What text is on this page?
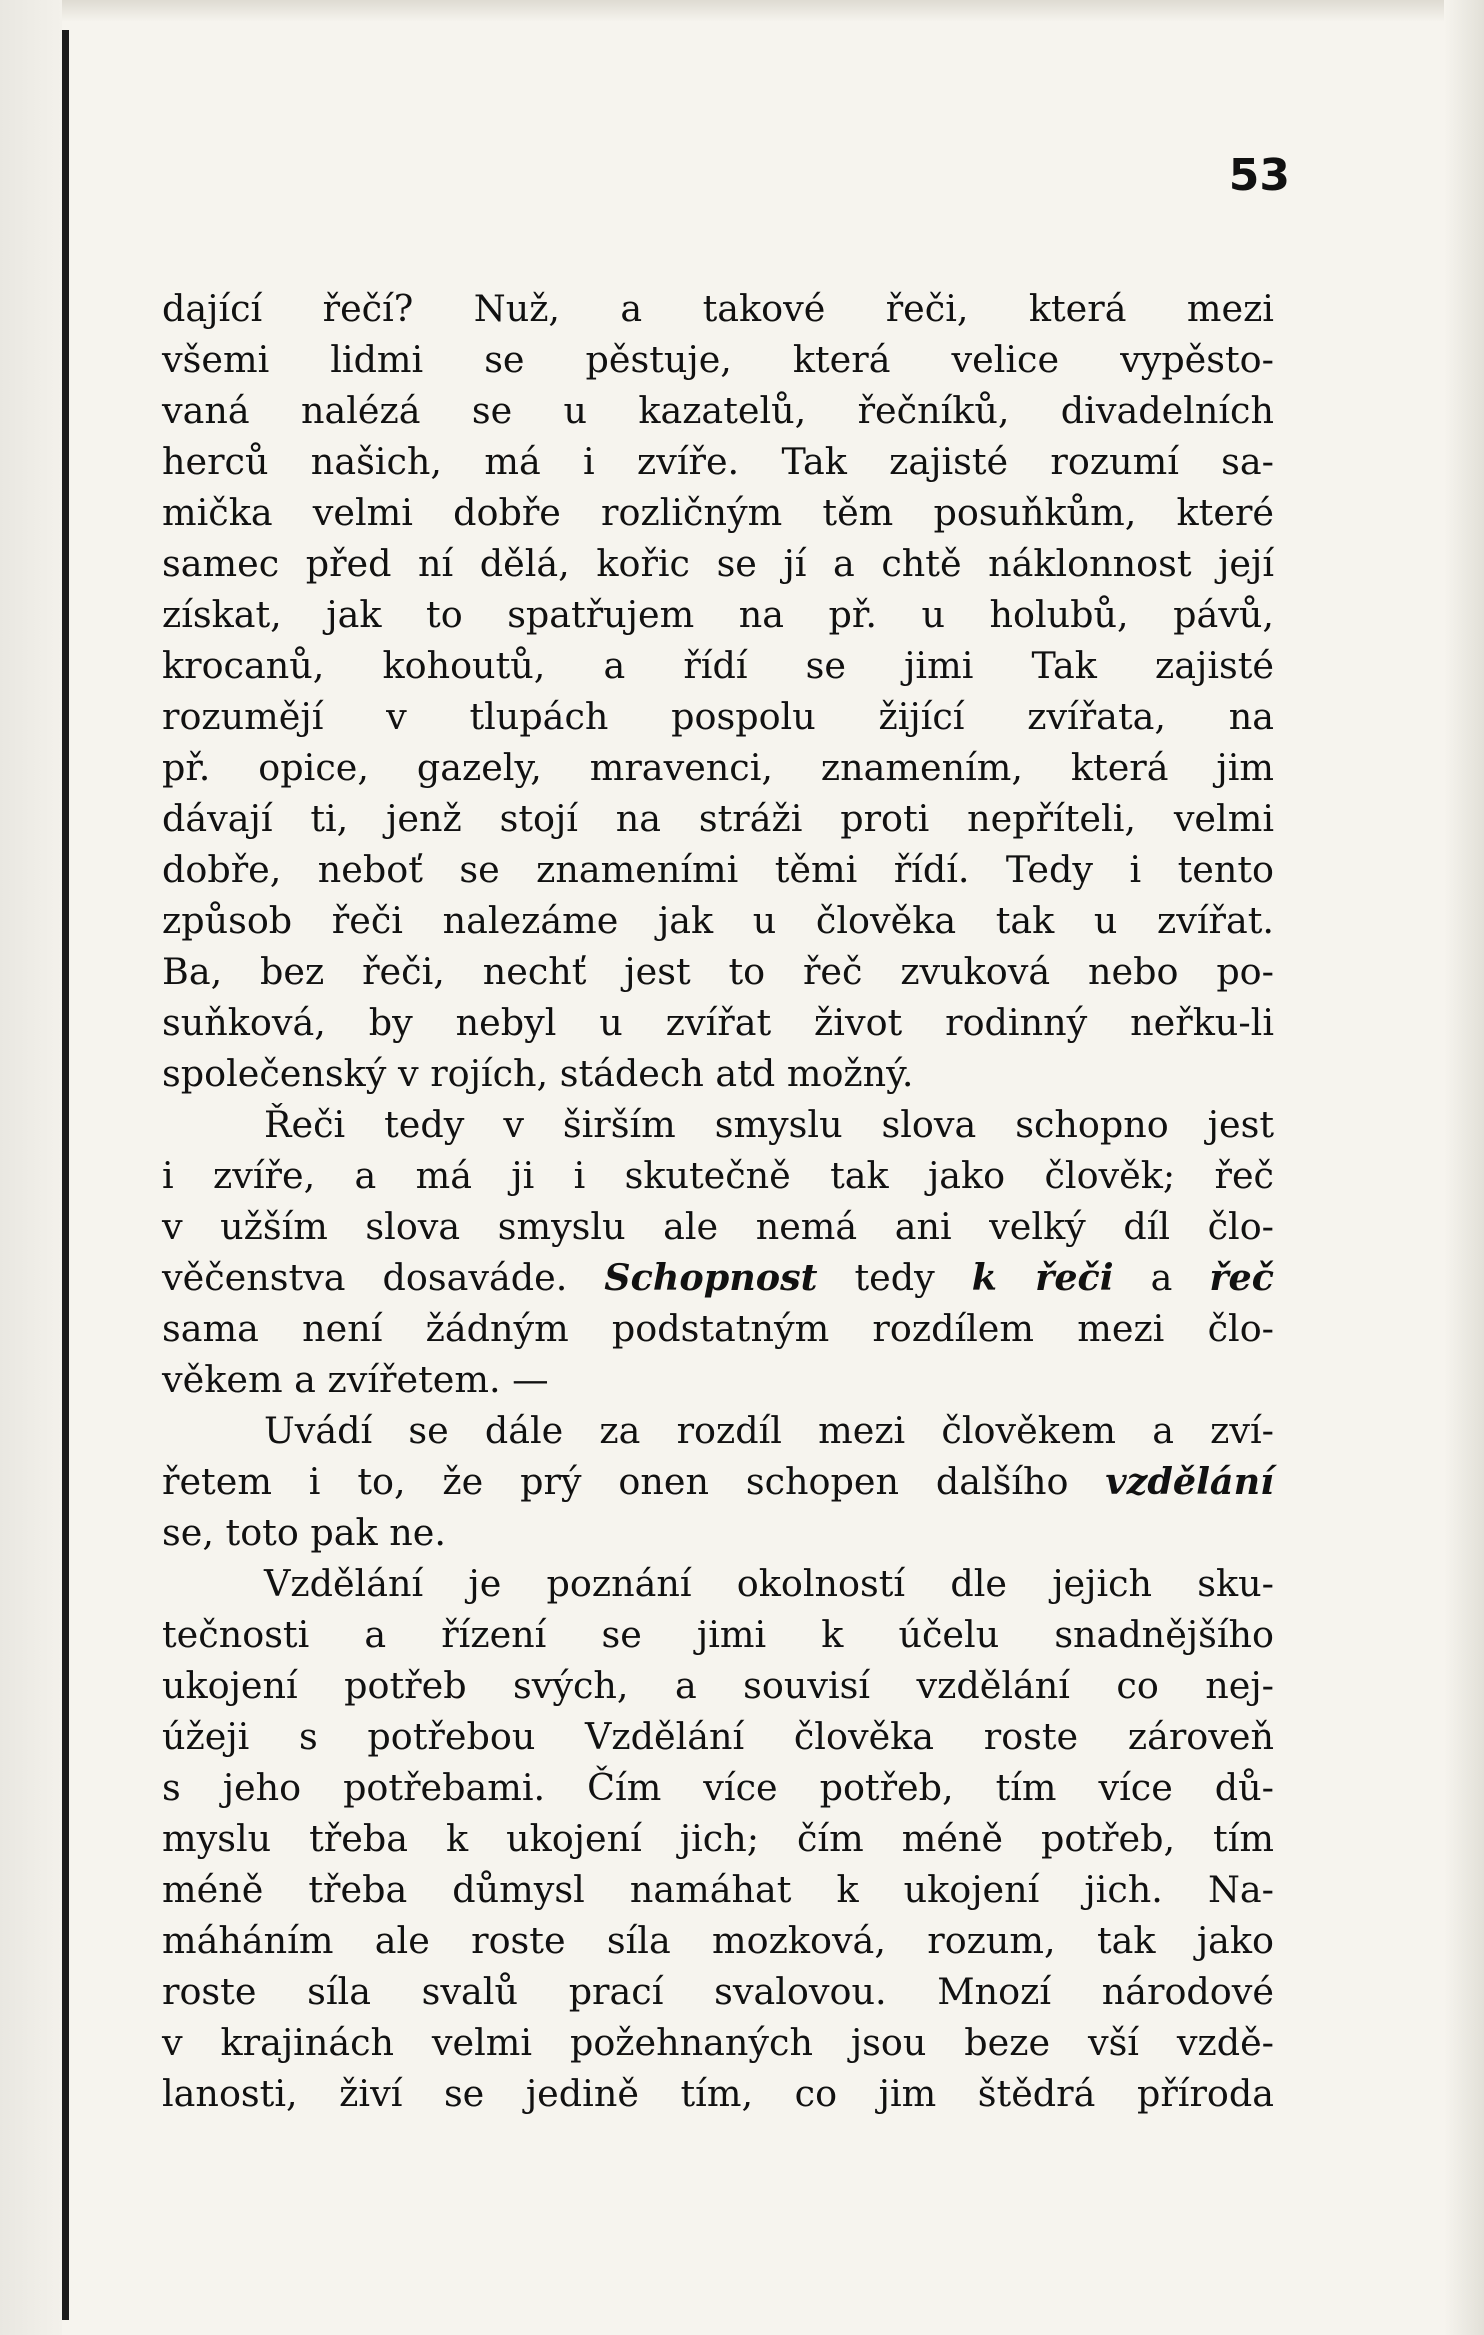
53
dající řečí? Nuž, a takové řeči, která mezi
všemi lidmi se pěstuje, která velice vypěsto-
vaná nalézá se u kazatelů, řečníků, divadelních
herců našich, má i zvíře. Tak zajisté rozumí sa-
mička velmi dobře rozličným těm posuňkům, které
samec před ní dělá, kořic se jí a chtě náklonnost její
získat, jak to spatřujem na př. u holubů, pávů,
krocanů, kohoutů, a řídí se jimi Tak zajisté
rozumějí v tlupách pospolu žijící zvířata, na
př. opice, gazely, mravenci, znamením, která jim
dávají ti, jenž stojí na stráži proti nepříteli, velmi
dobře, neboť se znameními těmi řídí. Tedy i tento
způsob řeči nalezáme jak u člověka tak u zvířat.
Ba, bez řeči, nechť jest to řeč zvuková nebo po-
suňková, by nebyl u zvířat život rodinný neřku-li
společenský v rojích, stádech atd možný.
Řeči tedy v širším smyslu slova schopno jest
i zvíře, a má ji i skutečně tak jako člověk; řeč
v užším slova smyslu ale nemá ani velký díl člo-
věčenstva dosaváde. Schopnost tedy k řeči a řeč
sama není žádným podstatným rozdílem mezi člo-
věkem a zvířetem. —
Uvádí se dále za rozdíl mezi člověkem a zví-
řetem i to, že prý onen schopen dalšího vzdělání
se, toto pak ne.
Vzdělání je poznání okolností dle jejich sku-
tečnosti a řízení se jimi k účelu snadnějšího
ukojení potřeb svých, a souvisí vzdělání co nej-
úžeji s potřebou Vzdělání člověka roste zároveň
s jeho potřebami. Čím více potřeb, tím více dů-
myslu třeba k ukojení jich; čím méně potřeb, tím
méně třeba důmysl namáhat k ukojení jich. Na-
máháním ale roste síla mozková, rozum, tak jako
roste síla svalů prací svalovou. Mnozí národové
v krajinách velmi požehnaných jsou beze vší vzdě-
lanosti, živí se jedině tím, co jim štědrá příroda
